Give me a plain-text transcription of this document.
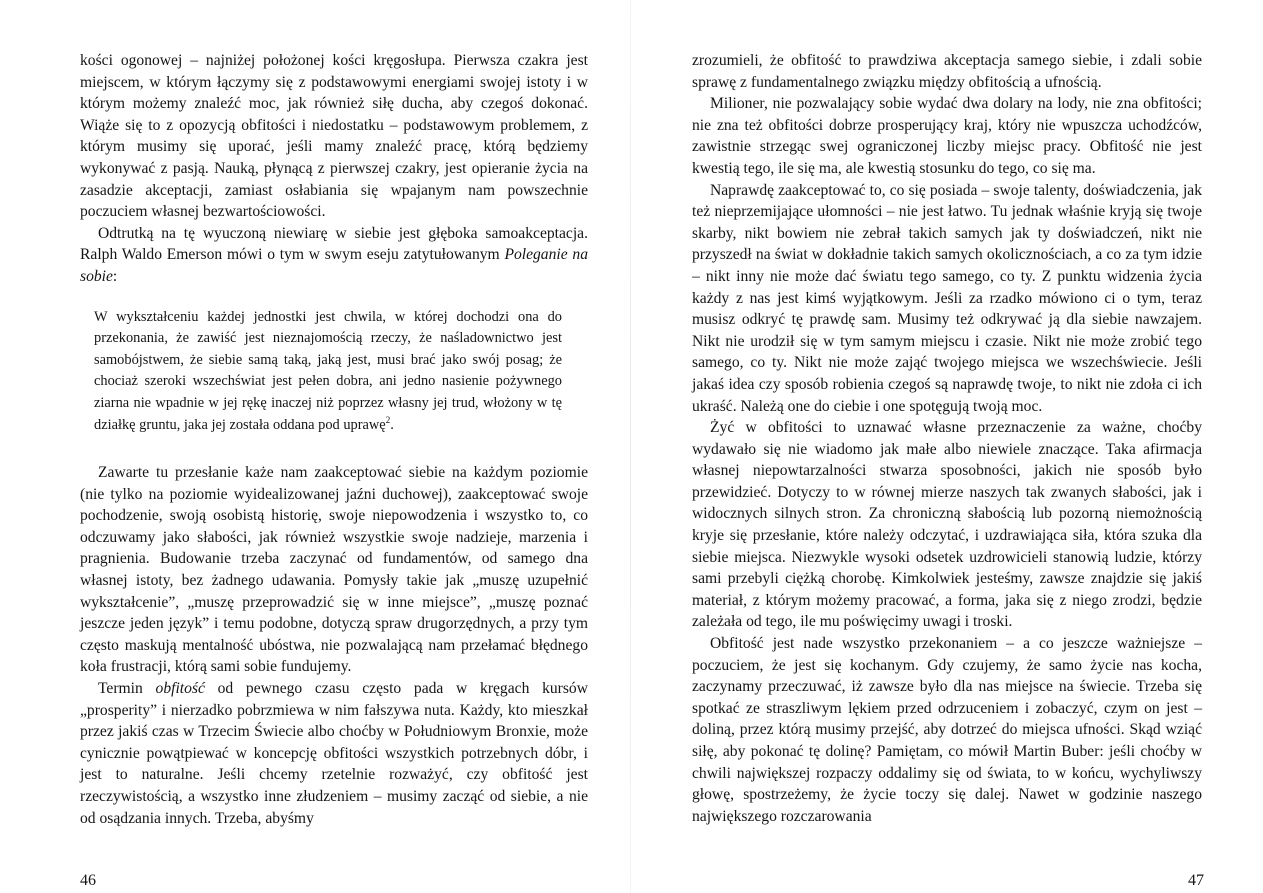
kości ogonowej – najniżej położonej kości kręgosłupa. Pierwsza czakra jest miejscem, w którym łączymy się z podstawowymi energiami swojej istoty i w którym możemy znaleźć moc, jak również siłę ducha, aby czegoś dokonać. Wiąże się to z opozycją obfitości i niedostatku – podstawowym problemem, z którym musimy się uporać, jeśli mamy znaleźć pracę, którą będziemy wykonywać z pasją. Nauką, płynącą z pierwszej czakry, jest opieranie życia na zasadzie akceptacji, zamiast osłabiania się wpajanym nam powszechnie poczuciem własnej bezwartościowości.

Odtrutką na tę wyuczoną niewiarę w siebie jest głęboka samoakceptacja. Ralph Waldo Emerson mówi o tym w swym eseju zatytułowanym Poleganie na sobie:

W wykształceniu każdej jednostki jest chwila, w której dochodzi ona do przekonania, że zawiść jest nieznajomością rzeczy, że naśladownictwo jest samobójstwem, że siebie samą taką, jaką jest, musi brać jako swój posag; że chociaż szeroki wszechświat jest pełen dobra, ani jedno nasienie pożywnego ziarna nie wpadnie w jej rękę inaczej niż poprzez własny jej trud, włożony w tę działkę gruntu, jaka jej została oddana pod uprawę$^2$.

Zawarte tu przesłanie każe nam zaakceptować siebie na każdym poziomie (nie tylko na poziomie wyidealizowanej jaźni duchowej), zaakceptować swoje pochodzenie, swoją osobistą historię, swoje niepowodzenia i wszystko to, co odczuwamy jako słabości, jak również wszystkie swoje nadzieje, marzenia i pragnienia. Budowanie trzeba zaczynać od fundamentów, od samego dna własnej istoty, bez żadnego udawania. Pomysły takie jak „muszę uzupełnić wykształcenie”, „muszę przeprowadzić się w inne miejsce”, „muszę poznać jeszcze jeden język” i temu podobne, dotyczą spraw drugorzędnych, a przy tym często maskują mentalność ubóstwa, nie pozwalającą nam przełamać błędnego koła frustracji, którą sami sobie fundujemy.

Termin obfitość od pewnego czasu często pada w kręgach kursów „prosperity” i nierzadko pobrzmiewa w nim fałszywa nuta. Każdy, kto mieszkał przez jakiś czas w Trzecim Świecie albo choćby w Południowym Bronxie, może cynicznie powątpiewać w koncepcję obfitości wszystkich potrzebnych dóbr, i jest to naturalne. Jeśli chcemy rzetelnie rozważyć, czy obfitość jest rzeczywistością, a wszystko inne złudzeniem – musimy zacząć od siebie, a nie od osądzania innych. Trzeba, abyśmy

zrozumieli, że obfitość to prawdziwa akceptacja samego siebie, i zdali sobie sprawę z fundamentalnego związku między obfitością a ufnością.

Milioner, nie pozwalający sobie wydać dwa dolary na lody, nie zna obfitości; nie zna też obfitości dobrze prosperujący kraj, który nie wpuszcza uchodźców, zawistnie strzegąc swej ograniczonej liczby miejsc pracy. Obfitość nie jest kwestią tego, ile się ma, ale kwestią stosunku do tego, co się ma.

Naprawdę zaakceptować to, co się posiada – swoje talenty, doświadczenia, jak też nieprzemijające ułomności – nie jest łatwo. Tu jednak właśnie kryją się twoje skarby, nikt bowiem nie zebrał takich samych jak ty doświadczeń, nikt nie przyszedł na świat w dokładnie takich samych okolicznościach, a co za tym idzie – nikt inny nie może dać światu tego samego, co ty. Z punktu widzenia życia każdy z nas jest kimś wyjątkowym. Jeśli za rzadko mówiono ci o tym, teraz musisz odkryć tę prawdę sam. Musimy też odkrywać ją dla siebie nawzajem. Nikt nie urodził się w tym samym miejscu i czasie. Nikt nie może zrobić tego samego, co ty. Nikt nie może zająć twojego miejsca we wszechświecie. Jeśli jakaś idea czy sposób robienia czegoś są naprawdę twoje, to nikt nie zdoła ci ich ukraść. Należą one do ciebie i one spotęgują twoją moc.

Żyć w obfitości to uznawać własne przeznaczenie za ważne, choćby wydawało się nie wiadomo jak małe albo niewiele znaczące. Taka afirmacja własnej niepowtarzalności stwarza sposobności, jakich nie sposób było przewidzieć. Dotyczy to w równej mierze naszych tak zwanych słabości, jak i widocznych silnych stron. Za chroniczną słabością lub pozorną niemożnością kryje się przesłanie, które należy odczytać, i uzdrawiająca siła, która szuka dla siebie miejsca. Niezwykle wysoki odsetek uzdrowicieli stanowią ludzie, którzy sami przebyli ciężką chorobę. Kimkolwiek jesteśmy, zawsze znajdzie się jakiś materiał, z którym możemy pracować, a forma, jaka się z niego zrodzi, będzie zależała od tego, ile mu poświęcimy uwagi i troski.

Obfitość jest nade wszystko przekonaniem – a co jeszcze ważniejsze – poczuciem, że jest się kochanym. Gdy czujemy, że samo życie nas kocha, zaczynamy przeczuwać, iż zawsze było dla nas miejsce na świecie. Trzeba się spotkać ze straszliwym lękiem przed odrzuceniem i zobaczyć, czym on jest – doliną, przez którą musimy przejść, aby dotrzeć do miejsca ufności. Skąd wziąć siłę, aby pokonać tę dolinę? Pamiętam, co mówił Martin Buber: jeśli choćby w chwili największej rozpaczy oddalimy się od świata, to w końcu, wychyliwszy głowę, spostrzeżemy, że życie toczy się dalej. Nawet w godzinie naszego największego rozczarowania

46	47
